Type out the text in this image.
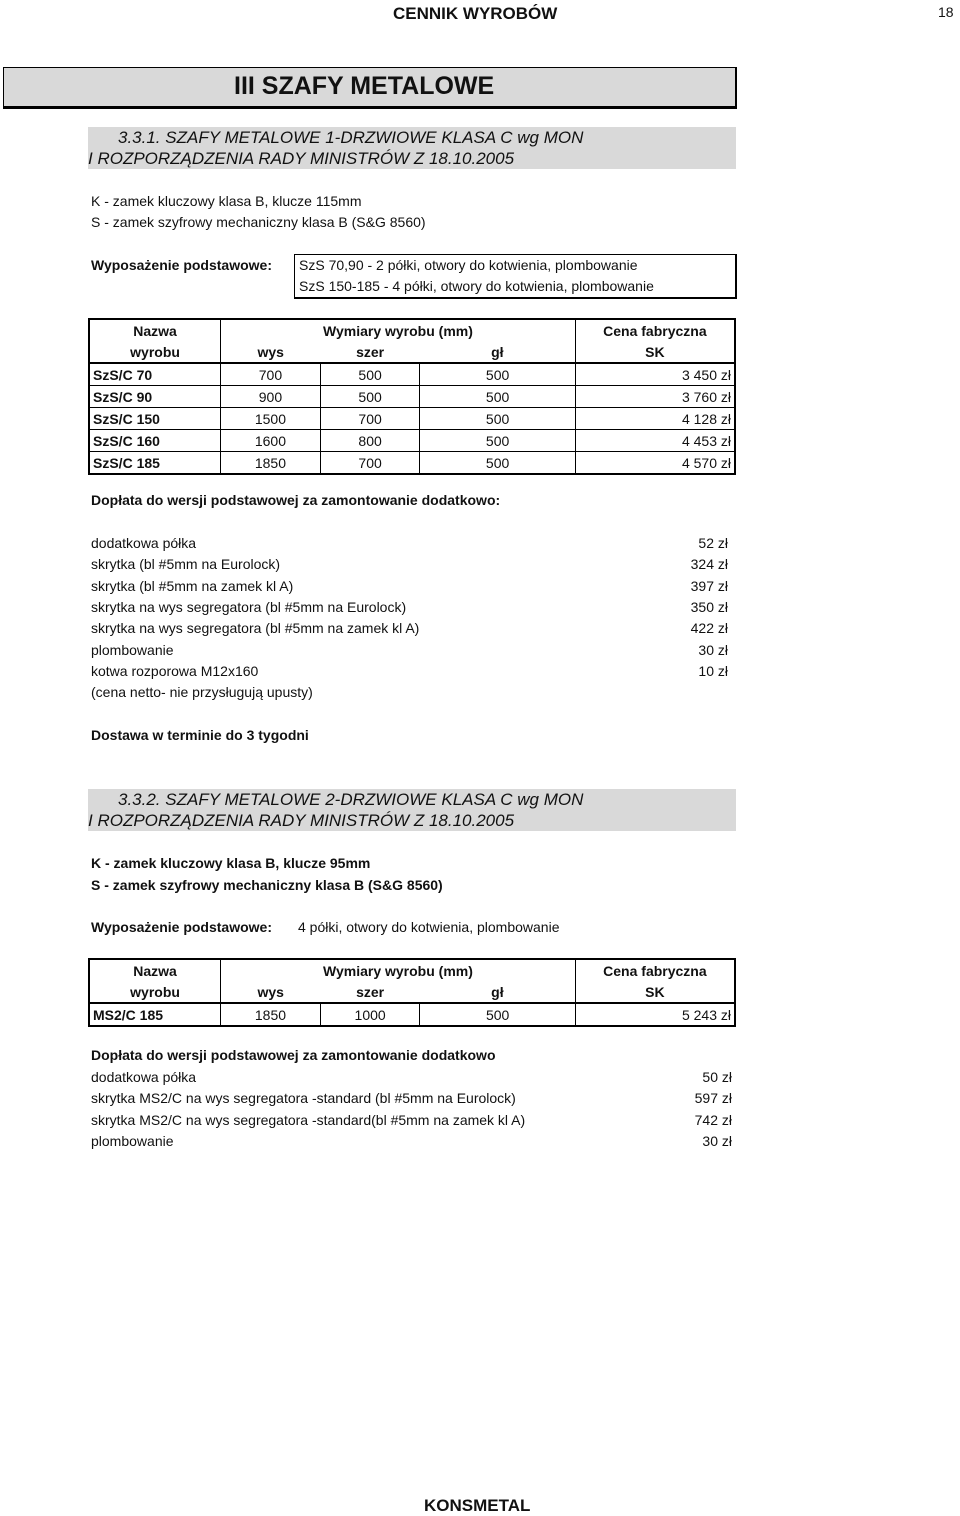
CENNIK WYROBÓW	18
III SZAFY METALOWE
3.3.1. SZAFY METALOWE 1-DRZWIOWE KLASA C wg MON
I ROZPORZĄDZENIA RADY MINISTRÓW Z 18.10.2005
K - zamek kluczowy klasa B, klucze 115mm
S - zamek szyfrowy mechaniczny klasa B (S&G 8560)
Wyposażenie podstawowe: SzS 70,90 - 2 półki, otwory do kotwienia, plombowanie
SzS 150-185 - 4 półki, otwory do kotwienia, plombowanie
Nazwa	Wymiary wyrobu (mm)			Cena fabryczna
wyrobu	wys	szer	gł	SK
SzS/C 70	700	500	500	3 450 zł
SzS/C 90	900	500	500	3 760 zł
SzS/C 150	1500	700	500	4 128 zł
SzS/C 160	1600	800	500	4 453 zł
SzS/C 185	1850	700	500	4 570 zł
Dopłata do wersji podstawowej za zamontowanie dodatkowo:
dodatkowa półka	52 zł
skrytka (bl #5mm na Eurolock)	324 zł
skrytka (bl #5mm na zamek kl A)	397 zł
skrytka na wys segregatora (bl #5mm na Eurolock)	350 zł
skrytka na wys segregatora (bl #5mm na zamek kl A)	422 zł
plombowanie	30 zł
kotwa rozporowa M12x160	10 zł
(cena netto- nie przysługują upusty)
Dostawa w terminie do 3 tygodni
3.3.2. SZAFY METALOWE 2-DRZWIOWE KLASA C wg MON
I ROZPORZĄDZENIA RADY MINISTRÓW Z 18.10.2005
K - zamek kluczowy klasa B, klucze 95mm
S - zamek szyfrowy mechaniczny klasa B (S&G 8560)
Wyposażenie podstawowe: 4 półki, otwory do kotwienia, plombowanie
Nazwa	Wymiary wyrobu (mm)			Cena fabryczna
wyrobu	wys	szer	gł	SK
MS2/C 185	1850	1000	500	5 243 zł
Dopłata do wersji podstawowej za zamontowanie dodatkowo
dodatkowa półka	50 zł
skrytka MS2/C na wys segregatora -standard (bl #5mm na Eurolock)	597 zł
skrytka MS2/C na wys segregatora -standard(bl #5mm na zamek kl A)	742 zł
plombowanie	30 zł
KONSMETAL
